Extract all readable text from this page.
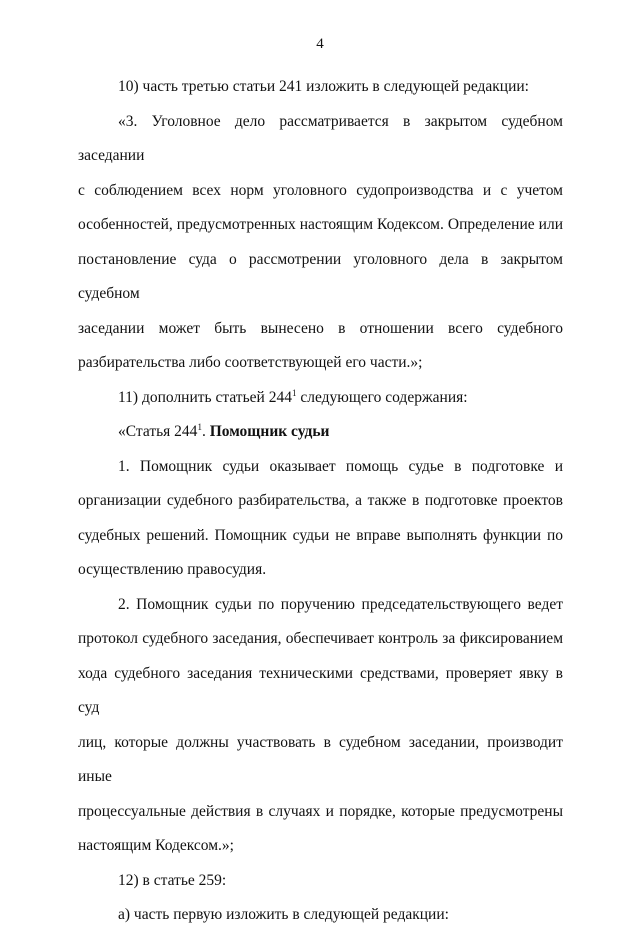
4

10) часть третью статьи 241 изложить в следующей редакции:

«3. Уголовное дело рассматривается в закрытом судебном заседании
с соблюдением всех норм уголовного судопроизводства и с учетом
особенностей, предусмотренных настоящим Кодексом. Определение или
постановление суда о рассмотрении уголовного дела в закрытом судебном
заседании может быть вынесено в отношении всего судебного
разбирательства либо соответствующей его части.»;

11) дополнить статьей $244^1$ следующего содержания:

«Статья $244^1$. Помощник судьи

1. Помощник судьи оказывает помощь судье в подготовке и
организации судебного разбирательства, а также в подготовке проектов
судебных решений. Помощник судьи не вправе выполнять функции по
осуществлению правосудия.

2. Помощник судьи по поручению председательствующего ведет
протокол судебного заседания, обеспечивает контроль за фиксированием
хода судебного заседания техническими средствами, проверяет явку в суд
лиц, которые должны участвовать в судебном заседании, производит иные
процессуальные действия в случаях и порядке, которые предусмотрены
настоящим Кодексом.»;

12) в статье 259:

а) часть первую изложить в следующей редакции:
